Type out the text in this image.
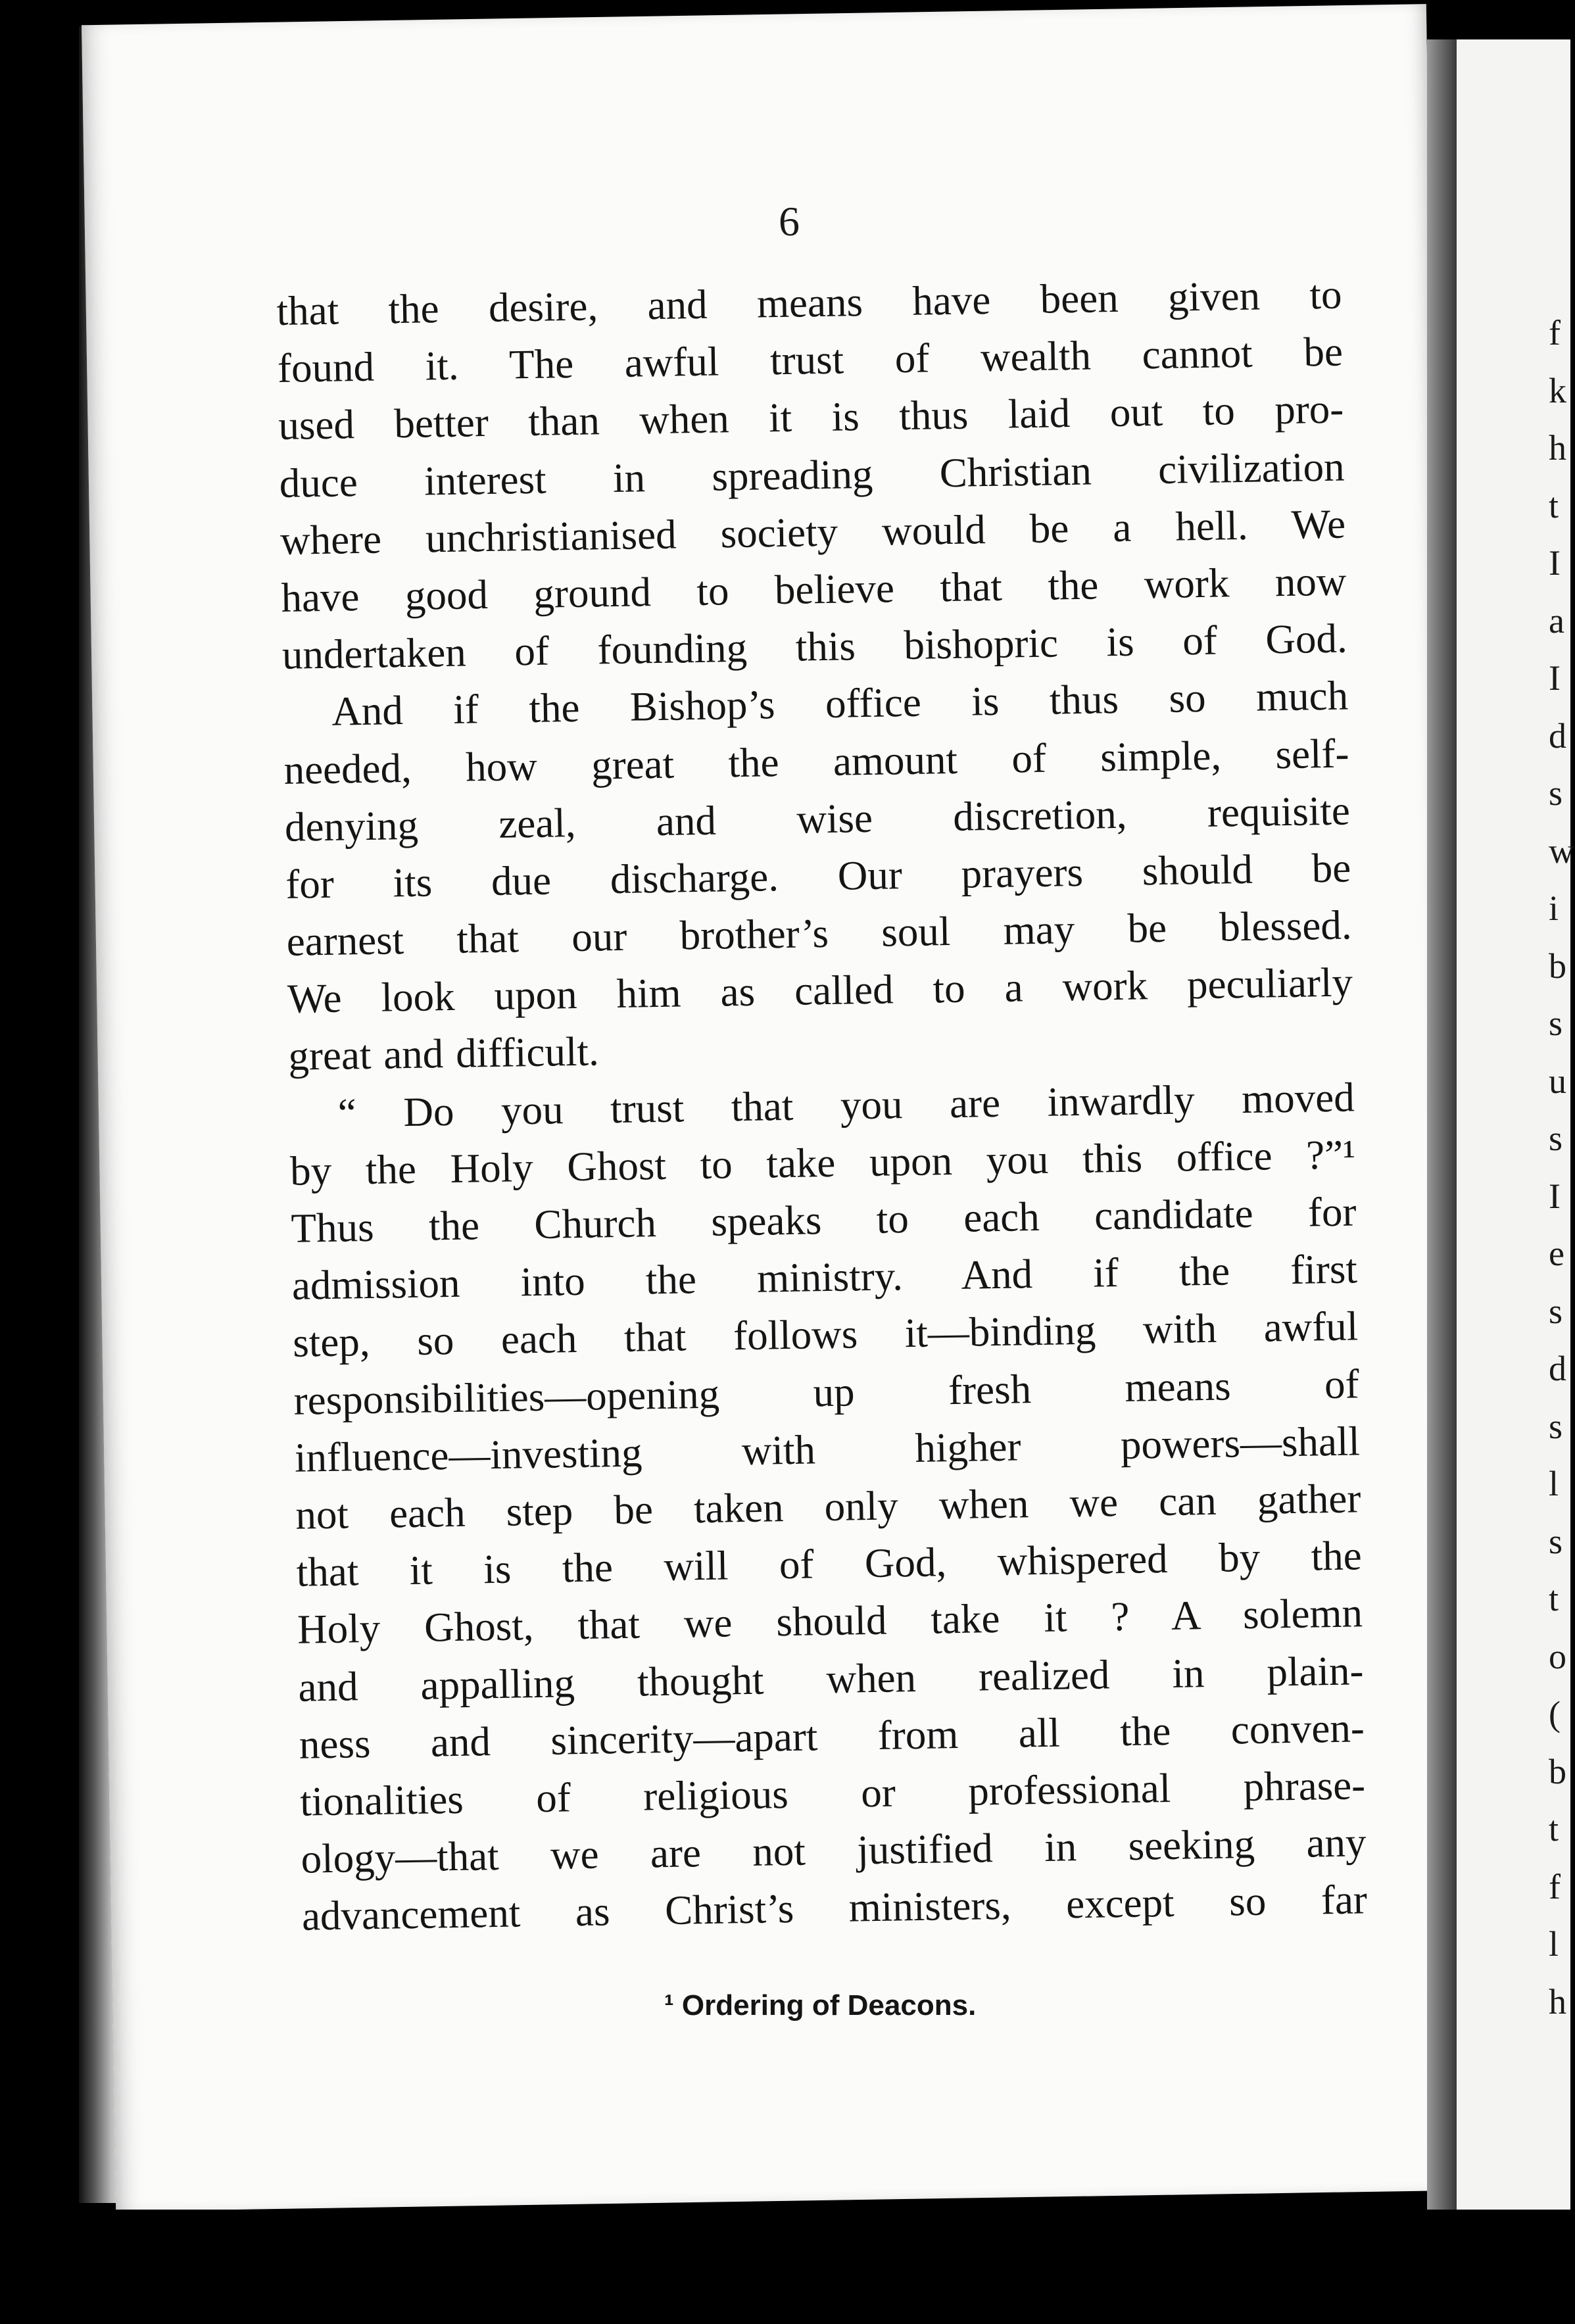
6
that the desire, and means have been given to
found it. The awful trust of wealth cannot be
used better than when it is thus laid out to pro-
duce interest in spreading Christian civilization
where unchristianised society would be a hell. We
have good ground to believe that the work now
undertaken of founding this bishopric is of God.
And if the Bishop’s office is thus so much
needed, how great the amount of simple, self-
denying zeal, and wise discretion, requisite
for its due discharge. Our prayers should be
earnest that our brother’s soul may be blessed.
We look upon him as called to a work peculiarly
great and difficult.
“ Do you trust that you are inwardly moved
by the Holy Ghost to take upon you this office ?”¹
Thus the Church speaks to each candidate for
admission into the ministry. And if the first
step, so each that follows it—binding with awful
responsibilities—opening up fresh means of
influence—investing with higher powers—shall
not each step be taken only when we can gather
that it is the will of God, whispered by the
Holy Ghost, that we should take it ? A solemn
and appalling thought when realized in plain-
ness and sincerity—apart from all the conven-
tionalities of religious or professional phrase-
ology—that we are not justified in seeking any
advancement as Christ’s ministers, except so far
¹ Ordering of Deacons.
f
k
h
t
I
a
I
d
s
w
i
b
s
u
s
I
e
s
d
s
l
s
t
o
(
b
t
f
l
h
